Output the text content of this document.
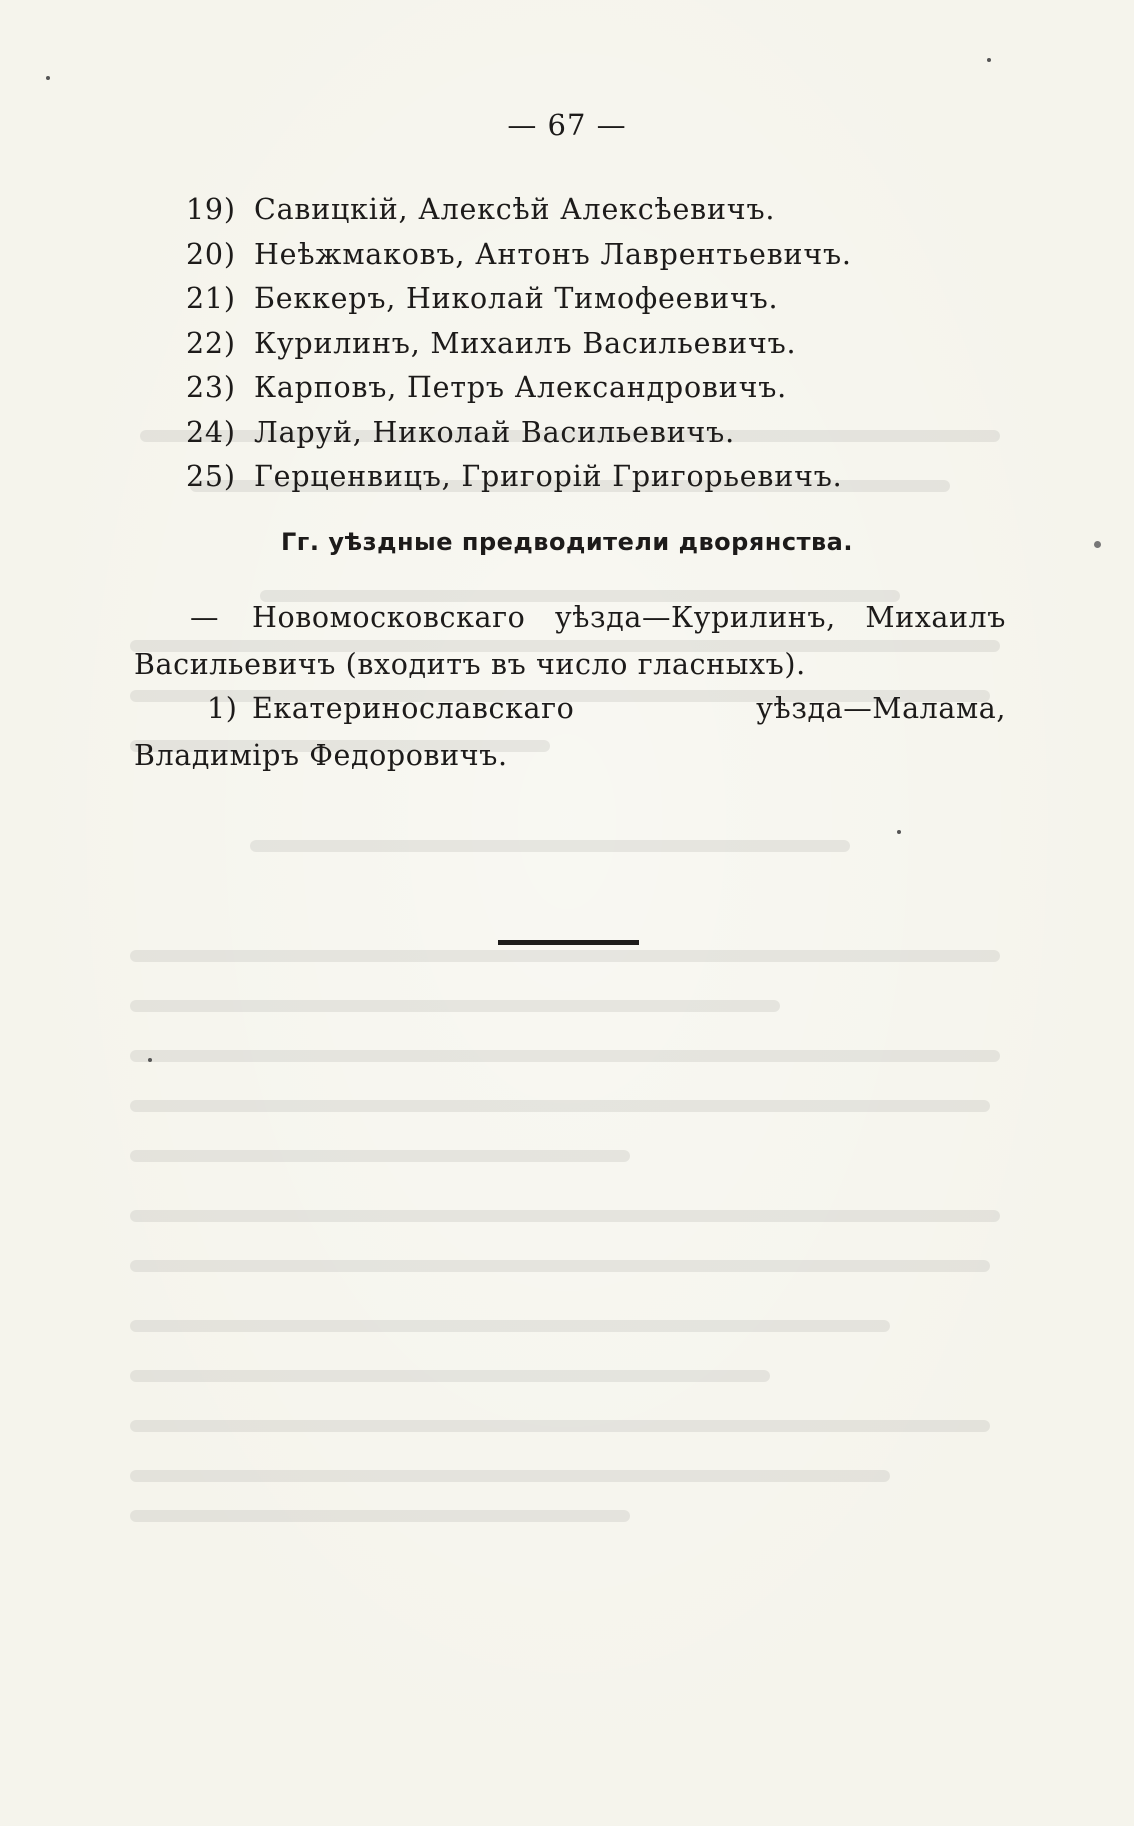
— 67 —
19) Савицкій, Алексѣй Алексѣевичъ.
20) Неѣжмаковъ, Антонъ Лаврентьевичъ.
21) Беккеръ, Николай Тимофеевичъ.
22) Курилинъ, Михаилъ Васильевичъ.
23) Карповъ, Петръ Александровичъ.
24) Ларуй, Николай Васильевичъ.
25) Герценвицъ, Григорій Григорьевичъ.
Гг. уѣздные предводители дворянства.

— Новомосковскаго уѣзда—Курилинъ, Михаилъ Васильевичъ (входитъ въ число гласныхъ).

1) Екатеринославскаго уѣзда—Малама, Владиміръ Федоровичъ.
